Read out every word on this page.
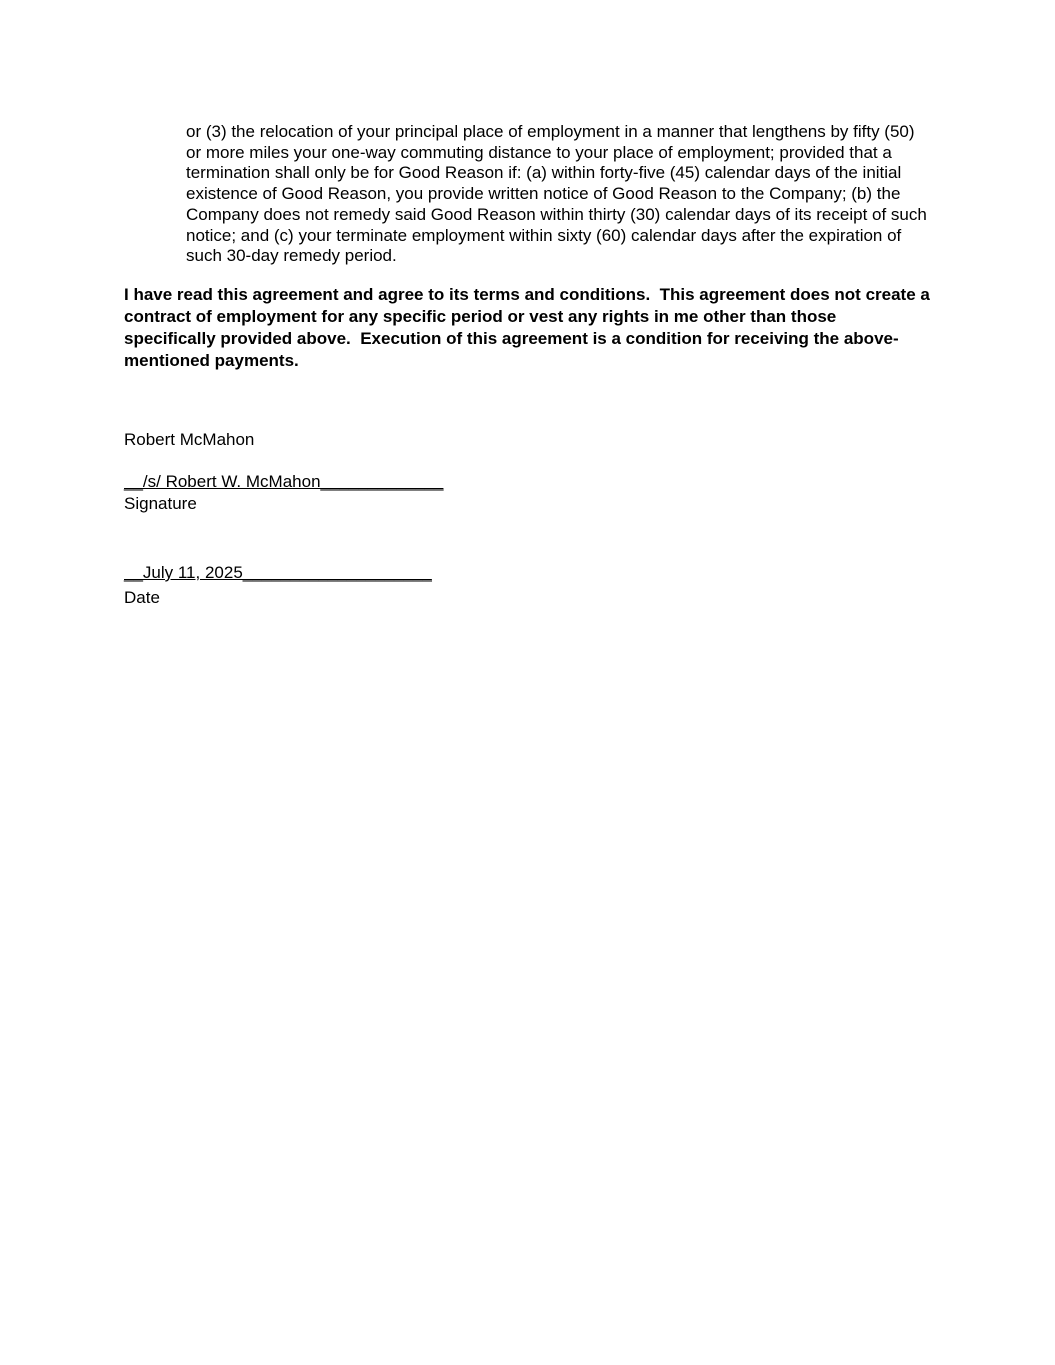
or (3) the relocation of your principal place of employment in a manner that lengthens by fifty (50) or more miles your one-way commuting distance to your place of employment; provided that a termination shall only be for Good Reason if: (a) within forty-five (45) calendar days of the initial existence of Good Reason, you provide written notice of Good Reason to the Company; (b) the Company does not remedy said Good Reason within thirty (30) calendar days of its receipt of such notice; and (c) your terminate employment within sixty (60) calendar days after the expiration of such 30-day remedy period.

I have read this agreement and agree to its terms and conditions.  This agreement does not create a contract of employment for any specific period or vest any rights in me other than those specifically provided above.  Execution of this agreement is a condition for receiving the above-mentioned payments.

Robert McMahon
__/s/ Robert W. McMahon_____________
Signature
__July 11, 2025____________________
Date
